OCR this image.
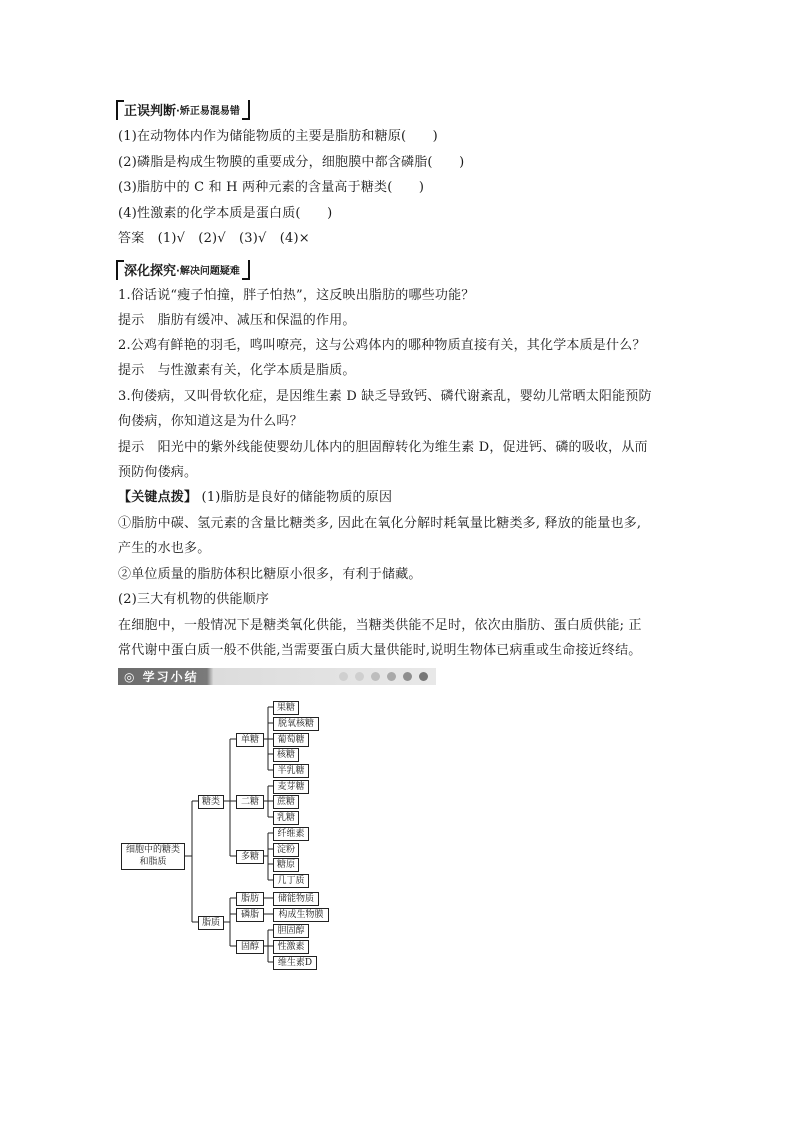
正误判断 ·矫正易混易错
(1)在动物体内作为储能物质的主要是脂肪和糖原(　　)
(2)磷脂是构成生物膜的重要成分，细胞膜中都含磷脂(　　)
(3)脂肪中的 C 和 H 两种元素的含量高于糖类(　　)
(4)性激素的化学本质是蛋白质(　　)
答案　(1)√　(2)√　(3)√　(4)×
深化探究 ·解决问题疑难
1.俗话说“瘦子怕撞，胖子怕热”，这反映出脂肪的哪些功能？
提示　脂肪有缓冲、减压和保温的作用。
2.公鸡有鲜艳的羽毛，鸣叫嘹亮，这与公鸡体内的哪种物质直接有关，其化学本质是什么？
提示　与性激素有关，化学本质是脂质。
3.佝偻病，又叫骨软化症，是因维生素 D 缺乏导致钙、磷代谢紊乱，婴幼儿常晒太阳能预防
佝偻病，你知道这是为什么吗？
提示　阳光中的紫外线能使婴幼儿体内的胆固醇转化为维生素 D，促进钙、磷的吸收，从而
预防佝偻病。
【关键点拨】 (1)脂肪是良好的储能物质的原因
①脂肪中碳、氢元素的含量比糖类多, 因此在氧化分解时耗氧量比糖类多, 释放的能量也多,
产生的水也多。
②单位质量的脂肪体积比糖原小很多，有利于储藏。
(2)三大有机物的供能顺序
在细胞中，一般情况下是糖类氧化供能，当糖类供能不足时，依次由脂肪、蛋白质供能; 正
常代谢中蛋白质一般不供能,当需要蛋白质大量供能时,说明生物体已病重或生命接近终结。
◎ 学习小结
细胞中的糖类和脂质
糖类
脂质
单糖
二糖
多糖
脂肪
磷脂
固醇
果糖
脱氧核糖
葡萄糖
核糖
半乳糖
麦芽糖
蔗糖
乳糖
纤维素
淀粉
糖原
几丁质
储能物质
构成生物膜
胆固醇
性激素
维生素D
